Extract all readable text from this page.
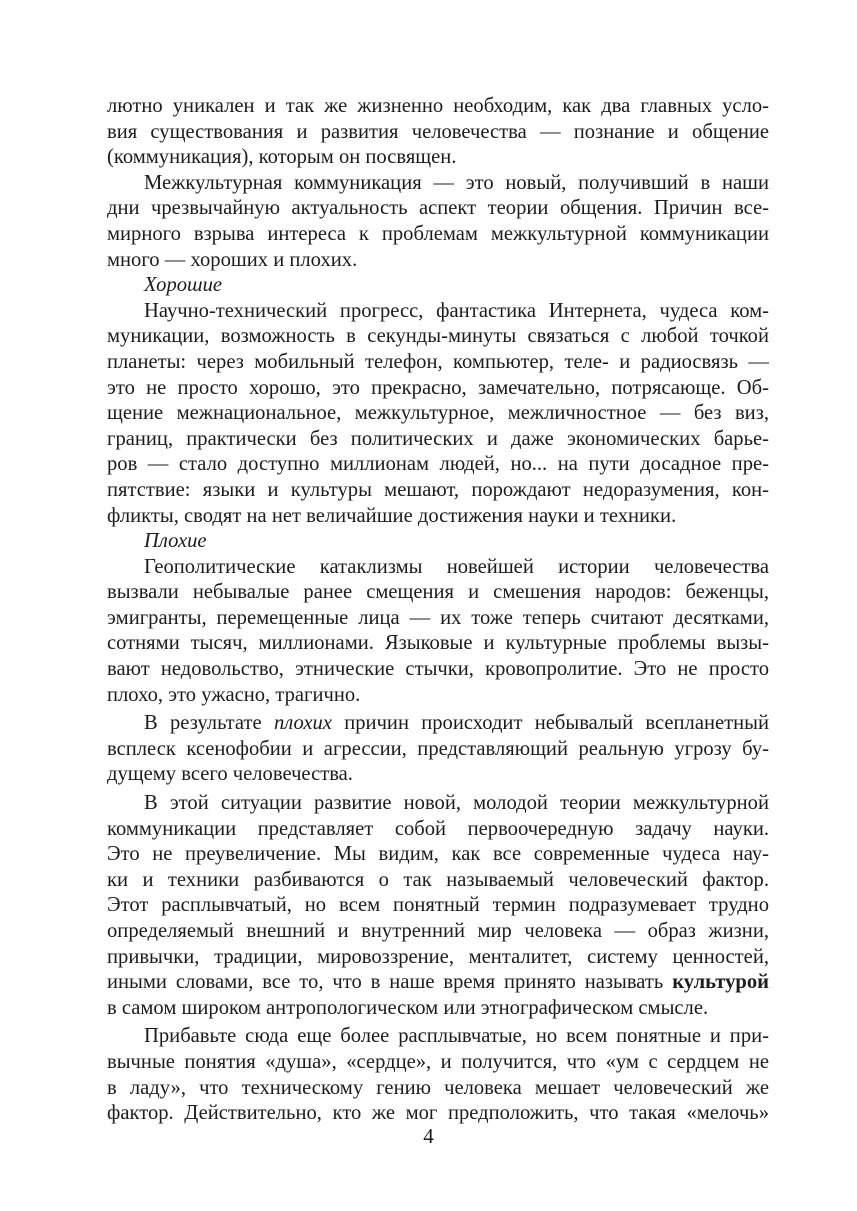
лютно уникален и так же жизненно необходим, как два главных усло-
вия существования и развития человечества — познание и общение
(коммуникация), которым он посвящен.
Межкультурная коммуникация — это новый, получивший в наши
дни чрезвычайную актуальность аспект теории общения. Причин все-
мирного взрыва интереса к проблемам межкультурной коммуникации
много — хороших и плохих.
Хорошие
Научно-технический прогресс, фантастика Интернета, чудеса ком-
муникации, возможность в секунды-минуты связаться с любой точкой
планеты: через мобильный телефон, компьютер, теле- и радиосвязь —
это не просто хорошо, это прекрасно, замечательно, потрясающе. Об-
щение межнациональное, межкультурное, межличностное — без виз,
границ, практически без политических и даже экономических барье-
ров — стало доступно миллионам людей, но... на пути досадное пре-
пятствие: языки и культуры мешают, порождают недоразумения, кон-
фликты, сводят на нет величайшие достижения науки и техники.
Плохие
Геополитические катаклизмы новейшей истории человечества
вызвали небывалые ранее смещения и смешения народов: беженцы,
эмигранты, перемещенные лица — их тоже теперь считают десятками,
сотнями тысяч, миллионами. Языковые и культурные проблемы вызы-
вают недовольство, этнические стычки, кровопролитие. Это не просто
плохо, это ужасно, трагично.
В результате плохих причин происходит небывалый всепланетный
всплеск ксенофобии и агрессии, представляющий реальную угрозу бу-
дущему всего человечества.
В этой ситуации развитие новой, молодой теории межкультурной
коммуникации представляет собой первоочередную задачу науки.
Это не преувеличение. Мы видим, как все современные чудеса нау-
ки и техники разбиваются о так называемый человеческий фактор.
Этот расплывчатый, но всем понятный термин подразумевает трудно
определяемый внешний и внутренний мир человека — образ жизни,
привычки, традиции, мировоззрение, менталитет, систему ценностей,
иными словами, все то, что в наше время принято называть культурой
в самом широком антропологическом или этнографическом смысле.
Прибавьте сюда еще более расплывчатые, но всем понятные и при-
вычные понятия «душа», «сердце», и получится, что «ум с сердцем не
в ладу», что техническому гению человека мешает человеческий же
фактор. Действительно, кто же мог предположить, что такая «мелочь»
4
